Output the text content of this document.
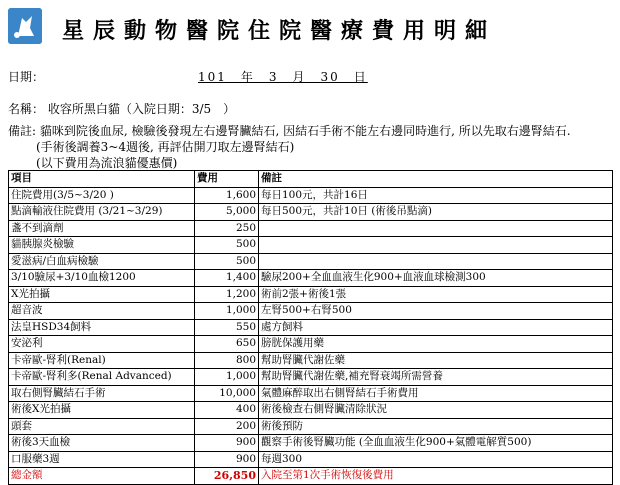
星辰動物醫院住院醫療費用明細
日期：	101　年　3　月　30　日
名稱： 收容所黑白貓（入院日期：3/5　）
備註: 貓咪到院後血尿, 檢驗後發現左右邊腎臟結石, 因結石手術不能左右邊同時進行, 所以先取右邊腎結石.
(手術後調養3~4週後, 再評估開刀取左邊腎結石)
(以下費用為流浪貓優惠價)
項目	費用	備註
住院費用(3/5~3/20 )	1,600	每日100元，共計16日
點滴輸液住院費用 (3/21~3/29)	5,000	每日500元，共計10日 (術後吊點滴)
盞不到滴劑	250	
貓胰腺炎檢驗	500	
愛滋病/白血病檢驗	500	
3/10驗尿+3/10血檢1200	1,400	驗尿200+全血血液生化900+血液血球檢測300
X光拍攝	1,200	術前2張+術後1張
超音波	1,000	左腎500+右腎500
法皇HSD34飼料	550	處方飼料
安泌利	650	膀胱保護用藥
卡帝歐-腎利(Renal)	800	幫助腎臟代謝佐藥
卡帝歐-腎利多(Renal Advanced)	1,000	幫助腎臟代謝佐藥,補充腎衰竭所需營養
取右側腎臟結石手術	10,000	氣體麻醉取出右側腎結石手術費用
術後X光拍攝	400	術後檢查右側腎臟清除狀況
頭套	200	術後預防
術後3天血檢	900	觀察手術後腎臟功能 (全血血液生化900+氣體電解質500)
口服藥3週	900	每週300
總金額	26,850	入院至第1次手術恢復後費用
